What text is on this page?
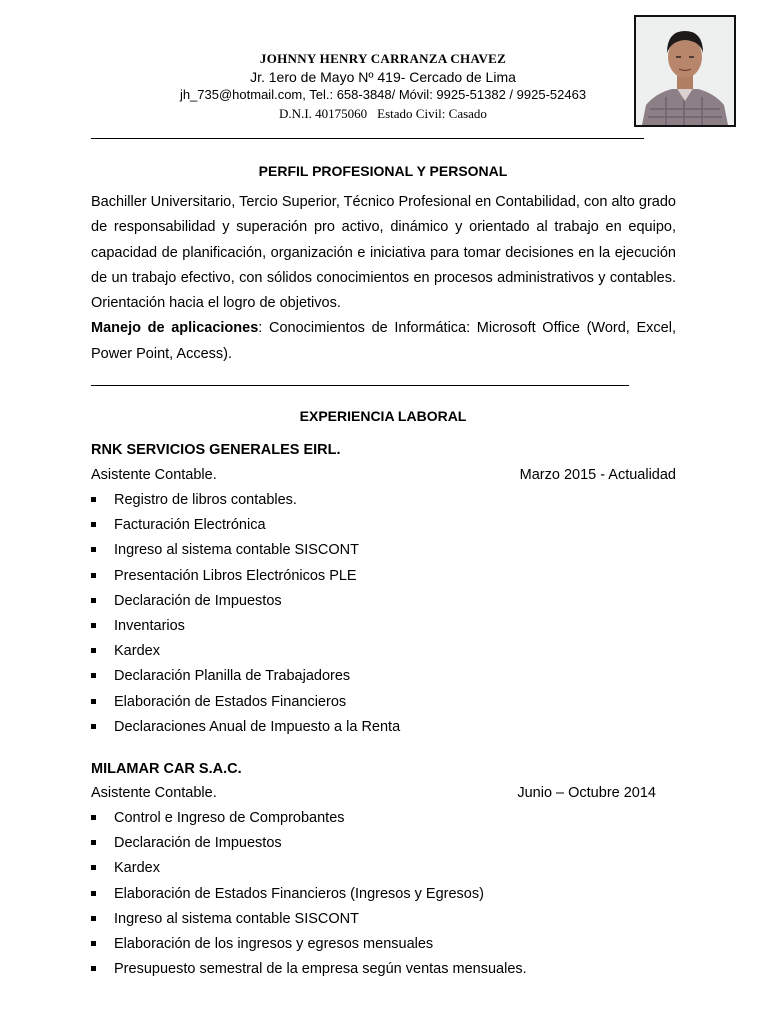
JOHNNY HENRY CARRANZA CHAVEZ
Jr. 1ero de Mayo Nº 419- Cercado de Lima
jh_735@hotmail.com, Tel.: 658-3848/ Móvil: 9925-51382 / 9925-52463
D.N.I. 40175060 Estado Civil: Casado
PERFIL PROFESIONAL Y PERSONAL

Bachiller Universitario, Tercio Superior, Técnico Profesional en Contabilidad, con alto grado de responsabilidad y superación pro activo, dinámico y orientado al trabajo en equipo, capacidad de planificación, organización e iniciativa para tomar decisiones en la ejecución de un trabajo efectivo, con sólidos conocimientos en procesos administrativos y contables. Orientación hacia el logro de objetivos.

Manejo de aplicaciones: Conocimientos de Informática: Microsoft Office (Word, Excel, Power Point, Access).

EXPERIENCIA LABORAL
RNK SERVICIOS GENERALES EIRL.
Asistente Contable.	Marzo 2015 - Actualidad
Registro de libros contables.
Facturación Electrónica
Ingreso al sistema contable SISCONT
Presentación Libros Electrónicos PLE
Declaración de Impuestos
Inventarios
Kardex
Declaración Planilla de Trabajadores
Elaboración de Estados Financieros
Declaraciones Anual de Impuesto a la Renta
MILAMAR CAR S.A.C.
Asistente Contable.	Junio – Octubre 2014
Control e Ingreso de Comprobantes
Declaración de Impuestos
Kardex
Elaboración de Estados Financieros (Ingresos y Egresos)
Ingreso al sistema contable SISCONT
Elaboración de los ingresos y egresos mensuales
Presupuesto semestral de la empresa según ventas mensuales.
